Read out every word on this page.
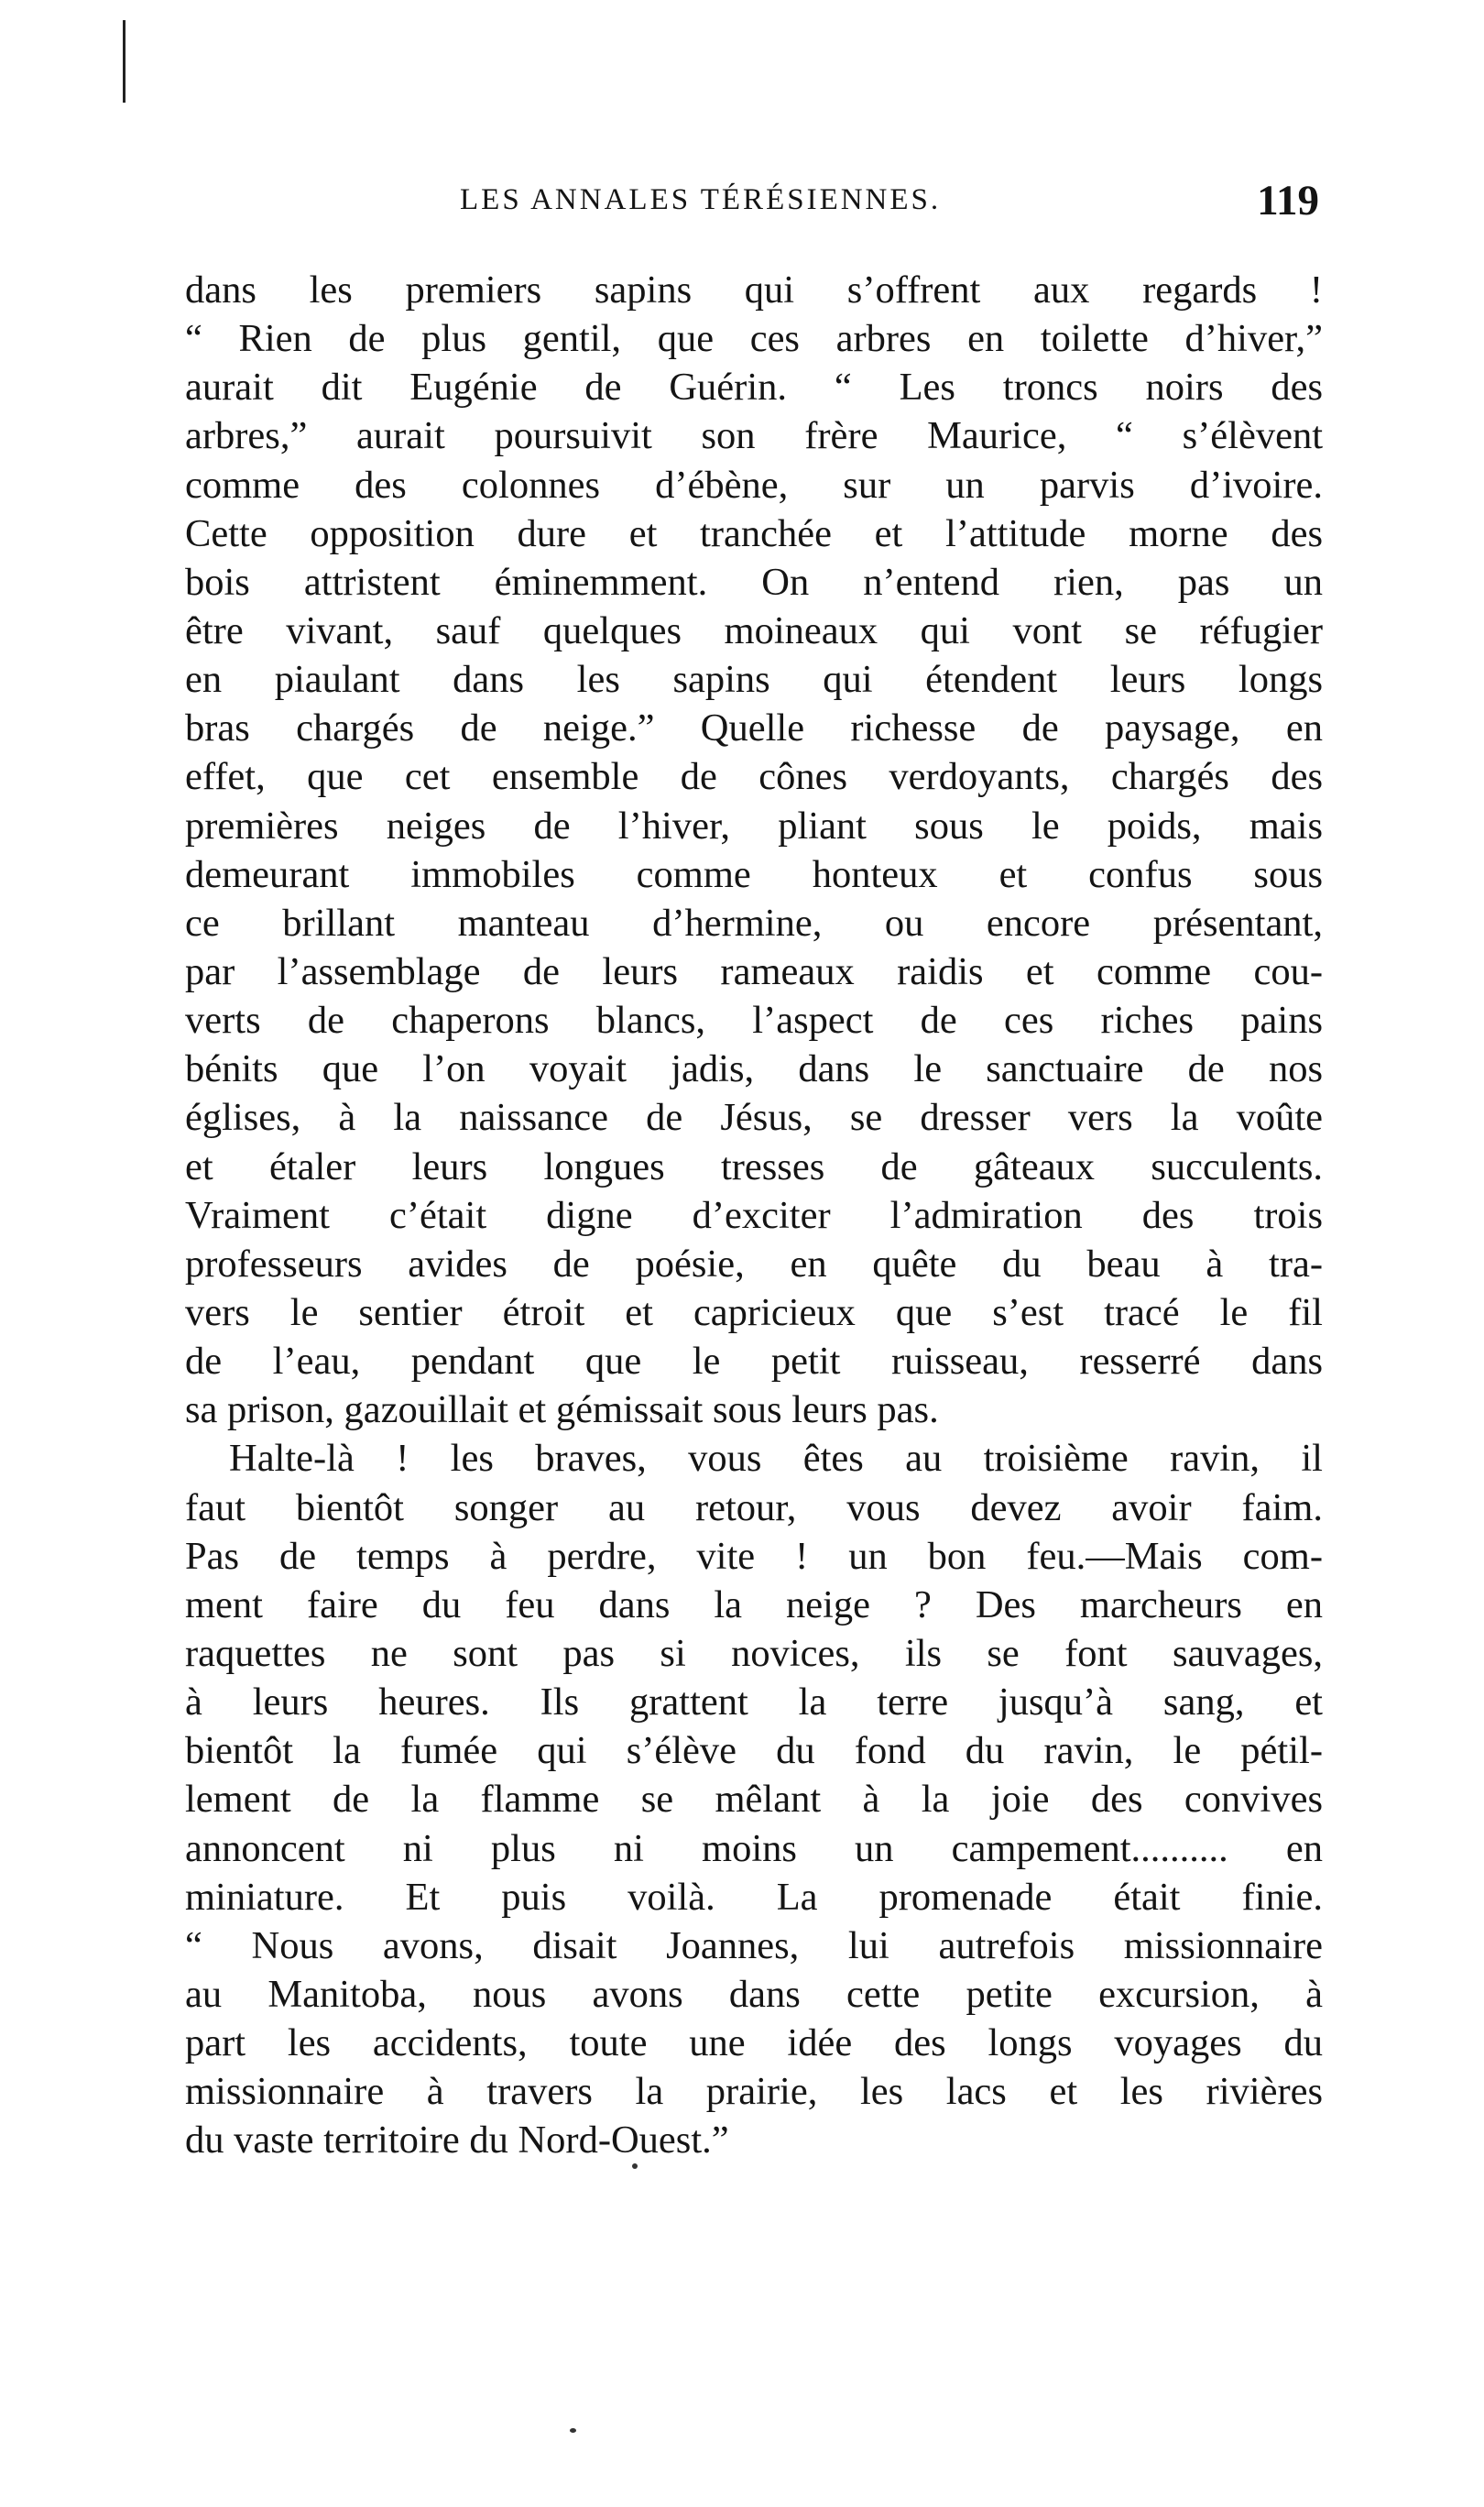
LES ANNALES TÉRÉSIENNES.	119
dans les premiers sapins qui s’offrent aux regards !
“ Rien de plus gentil, que ces arbres en toilette d’hiver,”
aurait dit Eugénie de Guérin. “ Les troncs noirs des
arbres,” aurait poursuivit son frère Maurice, “ s’élèvent
comme des colonnes d’ébène, sur un parvis d’ivoire.
Cette opposition dure et tranchée et l’attitude morne des
bois attristent éminemment. On n’entend rien, pas un
être vivant, sauf quelques moineaux qui vont se réfugier
en piaulant dans les sapins qui étendent leurs longs
bras chargés de neige.” Quelle richesse de paysage, en
effet, que cet ensemble de cônes verdoyants, chargés des
premières neiges de l’hiver, pliant sous le poids, mais
demeurant immobiles comme honteux et confus sous
ce brillant manteau d’hermine, ou encore présentant,
par l’assemblage de leurs rameaux raidis et comme cou-
verts de chaperons blancs, l’aspect de ces riches pains
bénits que l’on voyait jadis, dans le sanctuaire de nos
églises, à la naissance de Jésus, se dresser vers la voûte
et étaler leurs longues tresses de gâteaux succulents.
Vraiment c’était digne d’exciter l’admiration des trois
professeurs avides de poésie, en quête du beau à tra-
vers le sentier étroit et capricieux que s’est tracé le fil
de l’eau, pendant que le petit ruisseau, resserré dans
sa prison, gazouillait et gémissait sous leurs pas.
Halte-là ! les braves, vous êtes au troisième ravin, il
faut bientôt songer au retour, vous devez avoir faim.
Pas de temps à perdre, vite ! un bon feu.—Mais com-
ment faire du feu dans la neige ? Des marcheurs en
raquettes ne sont pas si novices, ils se font sauvages,
à leurs heures. Ils grattent la terre jusqu’à sang, et
bientôt la fumée qui s’élève du fond du ravin, le pétil-
lement de la flamme se mêlant à la joie des convives
annoncent ni plus ni moins un campement.......... en
miniature. Et puis voilà. La promenade était finie.
“ Nous avons, disait Joannes, lui autrefois missionnaire
au Manitoba, nous avons dans cette petite excursion, à
part les accidents, toute une idée des longs voyages du
missionnaire à travers la prairie, les lacs et les rivières
du vaste territoire du Nord-Ouest.”
